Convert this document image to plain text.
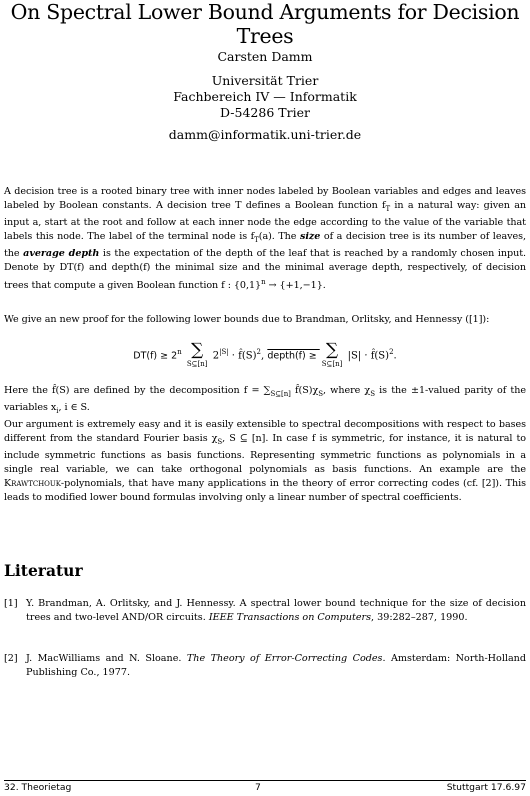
On Spectral Lower Bound Arguments for Decision Trees
Carsten Damm
Universität Trier
Fachbereich IV — Informatik
D-54286 Trier
damm@informatik.uni-trier.de
A decision tree is a rooted binary tree with inner nodes labeled by Boolean variables and edges and leaves labeled by Boolean constants. A decision tree T defines a Boolean function $f_T$ in a natural way: given an input a, start at the root and follow at each inner node the edge according to the value of the variable that labels this node. The label of the terminal node is $f_T(a)$. The size of a decision tree is its number of leaves, the average depth is the expectation of the depth of the leaf that is reached by a randomly chosen input. Denote by DT(f) and depth(f) the minimal size and the minimal average depth, respectively, of decision trees that compute a given Boolean function f : $\{0,1\}^n \to \{+1,-1\}$.
We give an new proof for the following lower bounds due to Brandman, Orlitsky, and Hennessy ([1]):
$DT(f) \ge 2^n$ ∑
S⊆[n]
$2^{|S|}$ · $f̂(S)^2$, depth(f) ≥ ∑
S⊆[n]
$|S| \cdot f̂(S)^2$.
Here the f̂(S) are defined by the decomposition $f = \sum_{S⊆[n]}$ $f̂(S)\chi_S$, where $\chi_S$ is the ±1-valued parity of the variables $x_i$, i ∈ S.
Our argument is extremely easy and it is easily extensible to spectral decompositions with respect to bases different from the standard Fourier basis $\chi_S$, S ⊆ [n]. In case f is symmetric, for instance, it is natural to include symmetric functions as basis functions. Representing symmetric functions as polynomials in a single real variable, we can take orthogonal polynomials as basis functions. An example are the Krawtchouk-polynomials, that have many applications in the theory of error correcting codes (cf. [2]). This leads to modified lower bound formulas involving only a linear number of spectral coefficients.
Literatur
[1] Y. Brandman, A. Orlitsky, and J. Hennessy. A spectral lower bound technique for the size of decision trees and two-level AND/OR circuits. IEEE Transactions on Computers, 39:282–287, 1990.
[2] J. MacWilliams and N. Sloane. The Theory of Error-Correcting Codes. Amsterdam: North-Holland Publishing Co., 1977.
32. Theorietag	7	Stuttgart 17.6.97
